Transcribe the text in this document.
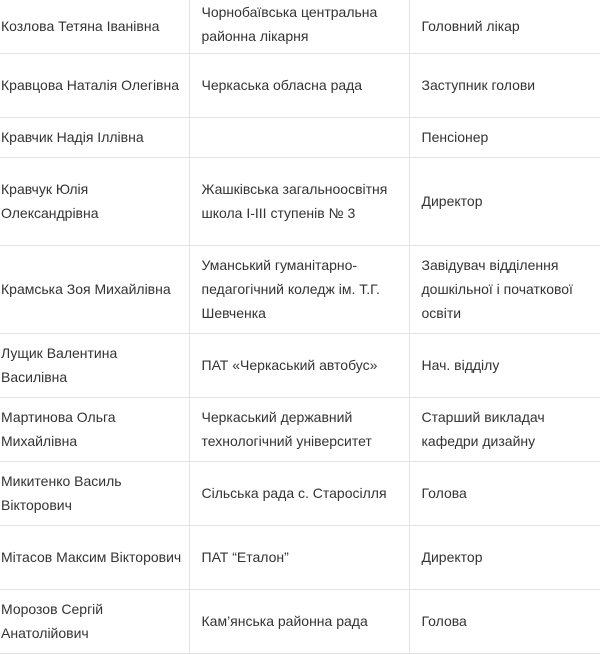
Козлова Тетяна Іванівна	Чорнобаївська центральна районна лікарня	Головний лікар
Кравцова Наталія Олегівна	Черкаська обласна рада	Заступник голови
Кравчик Надія Іллівна		Пенсіонер
Кравчук Юлія Олександрівна	Жашківська загальноосвітня школа І-ІІІ ступенів № 3	Директор
Крамська Зоя Михайлівна	Уманський гуманітарно-педагогічний коледж ім. Т.Г. Шевченка	Завідувач відділення дошкільної і початкової освіти
Лущик Валентина Василівна	ПАТ «Черкаський автобус»	Нач. відділу
Мартинова Ольга Михайлівна	Черкаський державний технологічний університет	Старший викладач кафедри дизайну
Микитенко Василь Вікторович	Сільська рада с. Старосілля	Голова
Мітасов Максим Вікторович	ПАТ “Еталон”	Директор
Морозов Сергій Анатолійович	Кам’янська районна рада	Голова
